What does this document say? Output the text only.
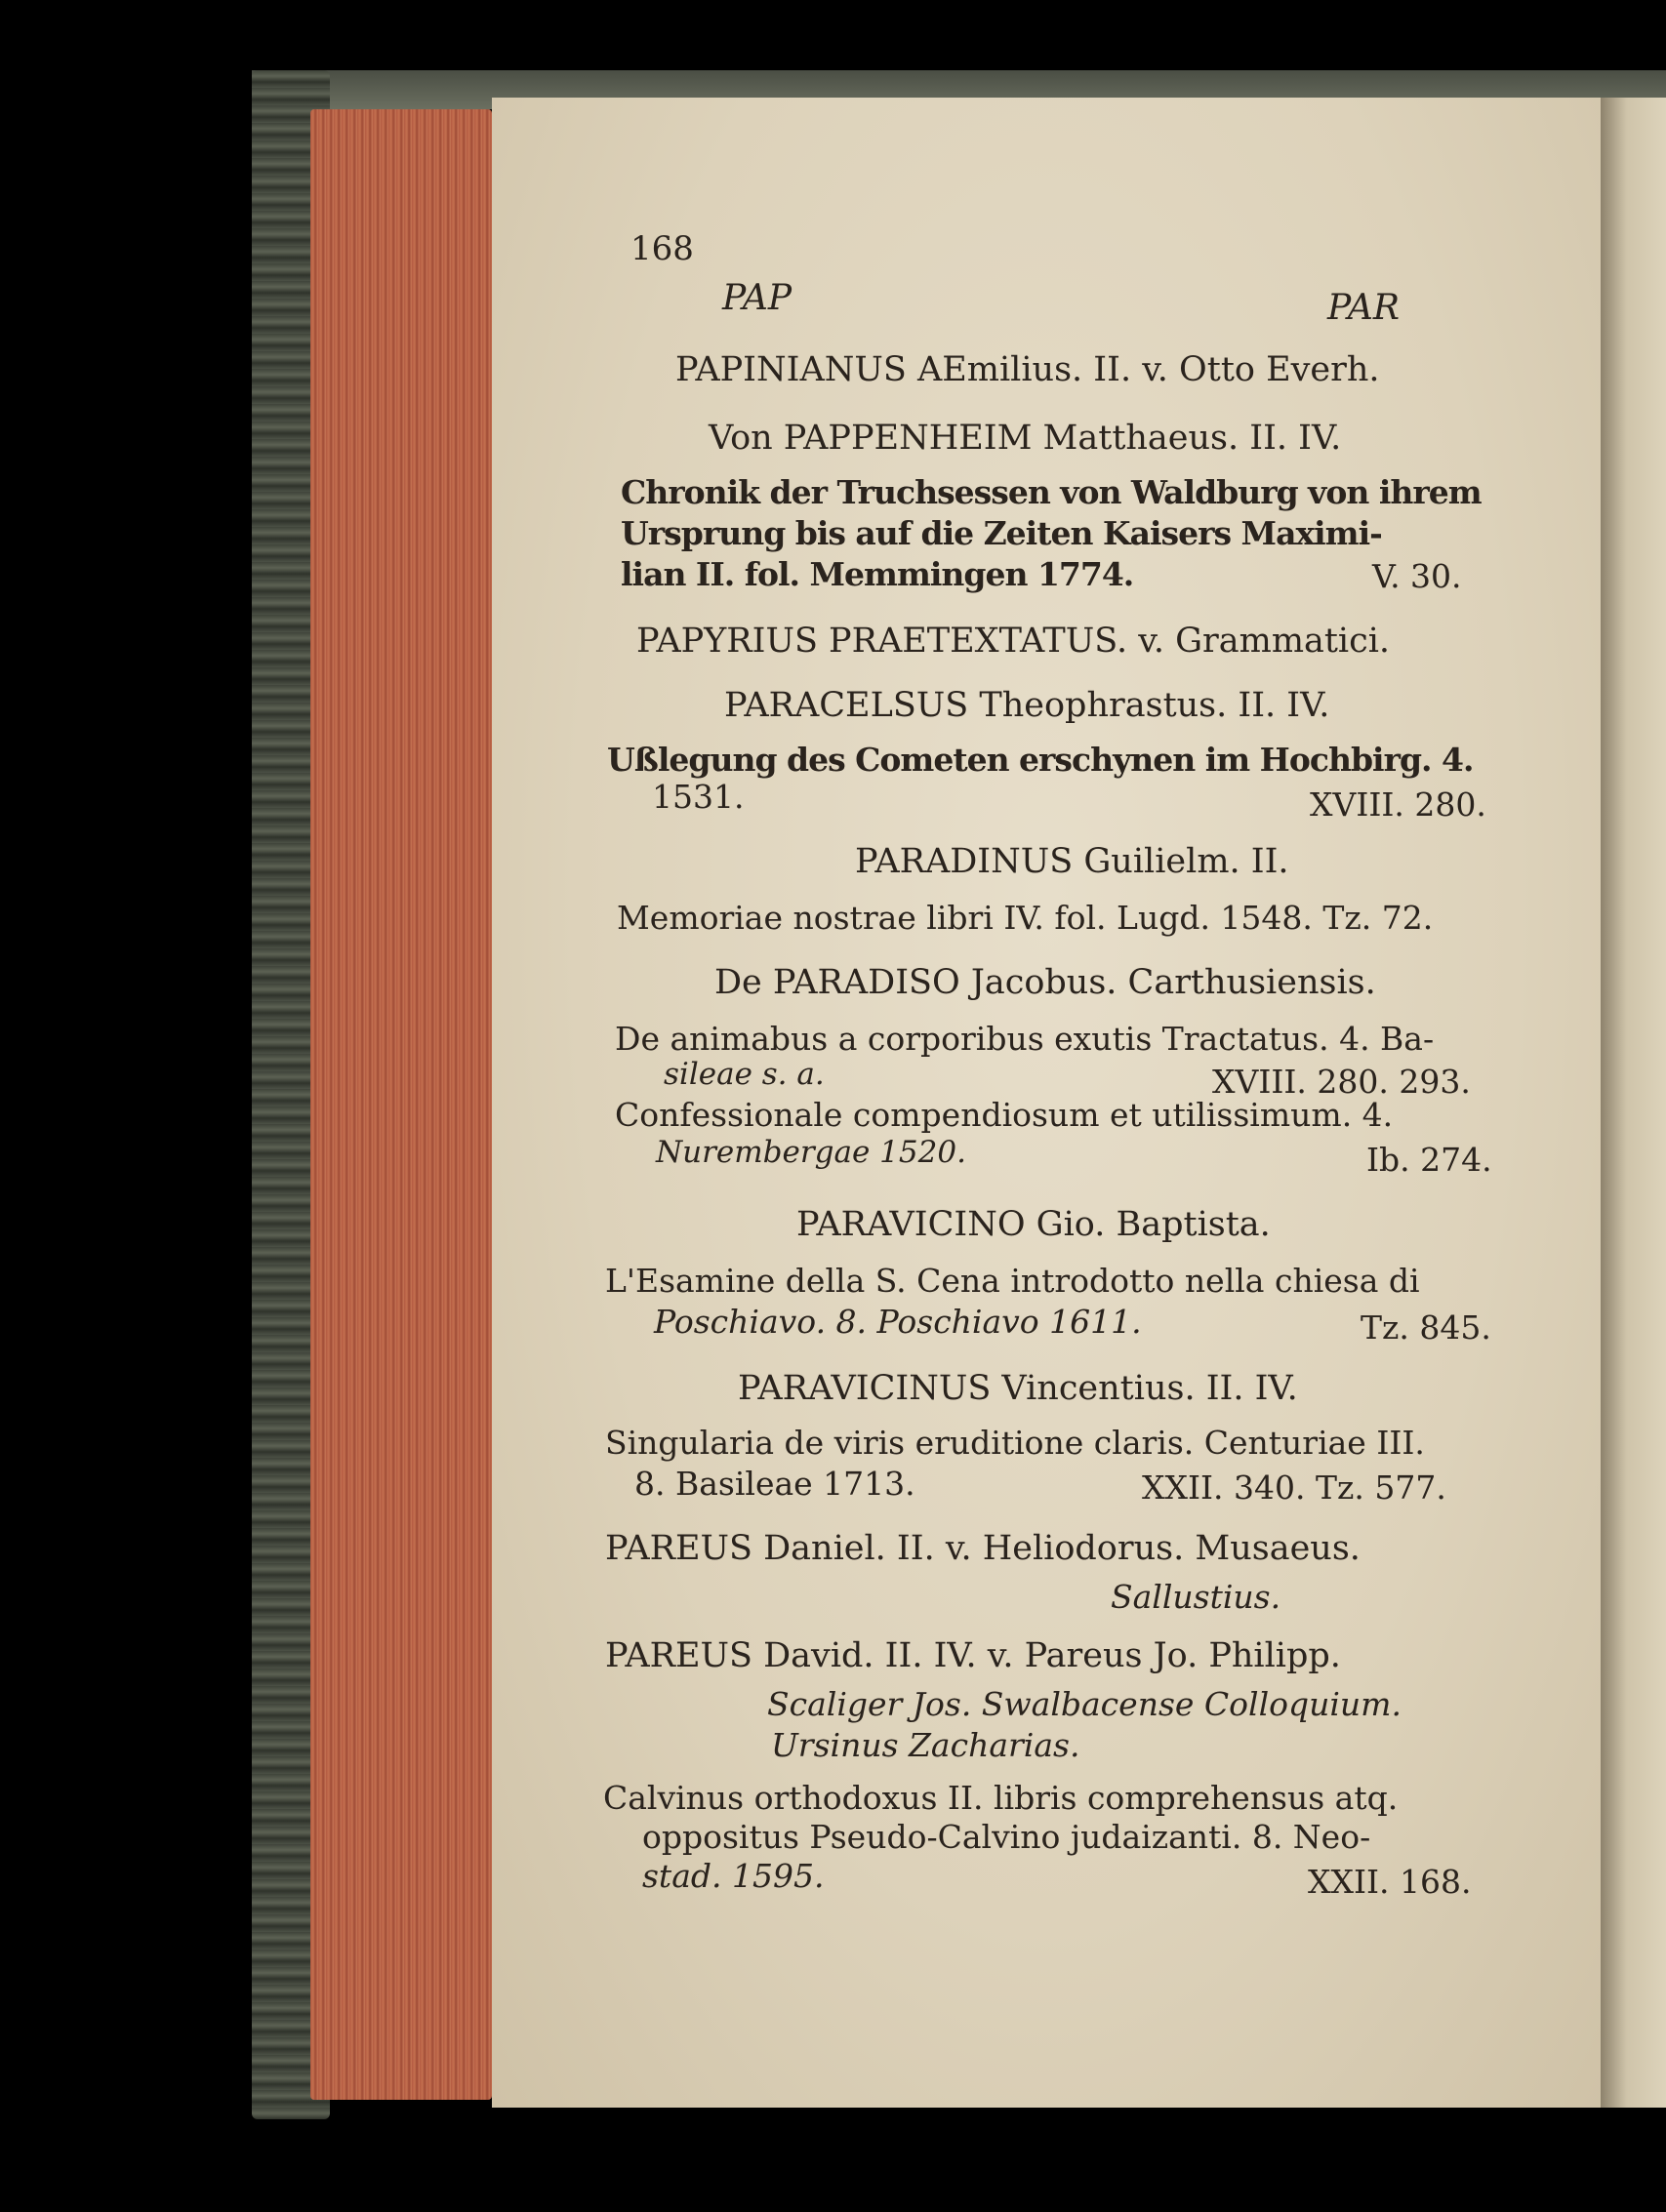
168
PAP	PAR
PAPINIANUS AEmilius. II. v. Otto Everh.
Von PAPPENHEIM Matthaeus. II. IV.
Chronik der Truchsessen von Waldburg von ihrem
Ursprung bis auf die Zeiten Kaisers Maximi-
lian II. fol. Memmingen 1774.	V. 30.
PAPYRIUS PRAETEXTATUS. v. Grammatici.
PARACELSUS Theophrastus. II. IV.
Ußlegung des Cometen erschynen im Hochbirg. 4.
1531.	XVIII. 280.
PARADINUS Guilielm. II.
Memoriae nostrae libri IV. fol. Lugd. 1548. Tz. 72.
De PARADISO Jacobus. Carthusiensis.
De animabus a corporibus exutis Tractatus. 4. Ba-
sileae s. a.	XVIII. 280. 293.
Confessionale compendiosum et utilissimum. 4.
Nurembergae 1520.	Ib. 274.
PARAVICINO Gio. Baptista.
L'Esamine della S. Cena introdotto nella chiesa di
Poschiavo. 8. Poschiavo 1611.	Tz. 845.
PARAVICINUS Vincentius. II. IV.
Singularia de viris eruditione claris. Centuriae III.
8. Basileae 1713.	XXII. 340. Tz. 577.
PAREUS Daniel. II. v. Heliodorus. Musaeus.
Sallustius.
PAREUS David. II. IV. v. Pareus Jo. Philipp.
Scaliger Jos. Swalbacense Colloquium.
Ursinus Zacharias.
Calvinus orthodoxus II. libris comprehensus atq.
oppositus Pseudo-Calvino judaizanti. 8. Neo-
stad. 1595.	XXII. 168.
